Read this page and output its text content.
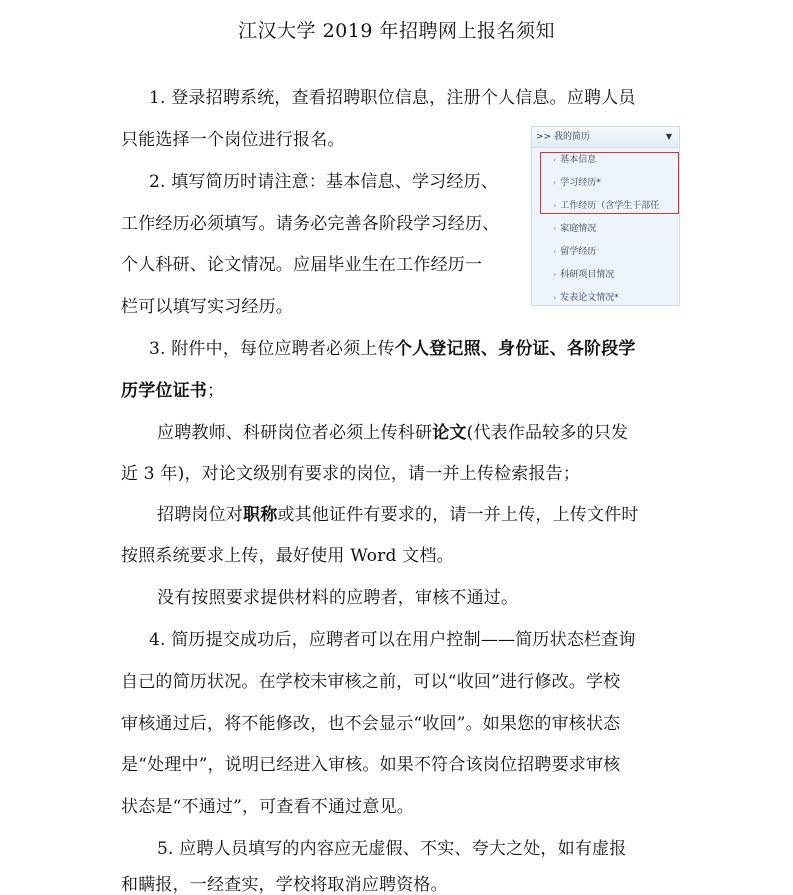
江汉大学 2019 年招聘网上报名须知
1. 登录招聘系统，查看招聘职位信息，注册个人信息。应聘人员
只能选择一个岗位进行报名。
2. 填写简历时请注意：基本信息、学习经历、
工作经历必须填写。请务必完善各阶段学习经历、
个人科研、论文情况。应届毕业生在工作经历一
栏可以填写实习经历。
3. 附件中，每位应聘者必须上传个人登记照、身份证、各阶段学
历学位证书；
应聘教师、科研岗位者必须上传科研论文(代表作品较多的只发
近 3 年)，对论文级别有要求的岗位，请一并上传检索报告；
招聘岗位对职称或其他证件有要求的，请一并上传，上传文件时
按照系统要求上传，最好使用 Word 文档。
没有按照要求提供材料的应聘者，审核不通过。
4. 简历提交成功后，应聘者可以在用户控制——简历状态栏查询
自己的简历状况。在学校未审核之前，可以“收回”进行修改。学校
审核通过后，将不能修改，也不会显示“收回”。如果您的审核状态
是“处理中”，说明已经进入审核。如果不符合该岗位招聘要求审核
状态是“不通过”，可查看不通过意见。
5. 应聘人员填写的内容应无虚假、不实、夸大之处，如有虚报
和瞒报，一经查实，学校将取消应聘资格。
>> 我的简历	▼
› 基本信息
› 学习经历*
› 工作经历（含学生干部任
› 家庭情况
› 留学经历
› 科研项目情况
› 发表论文情况*
